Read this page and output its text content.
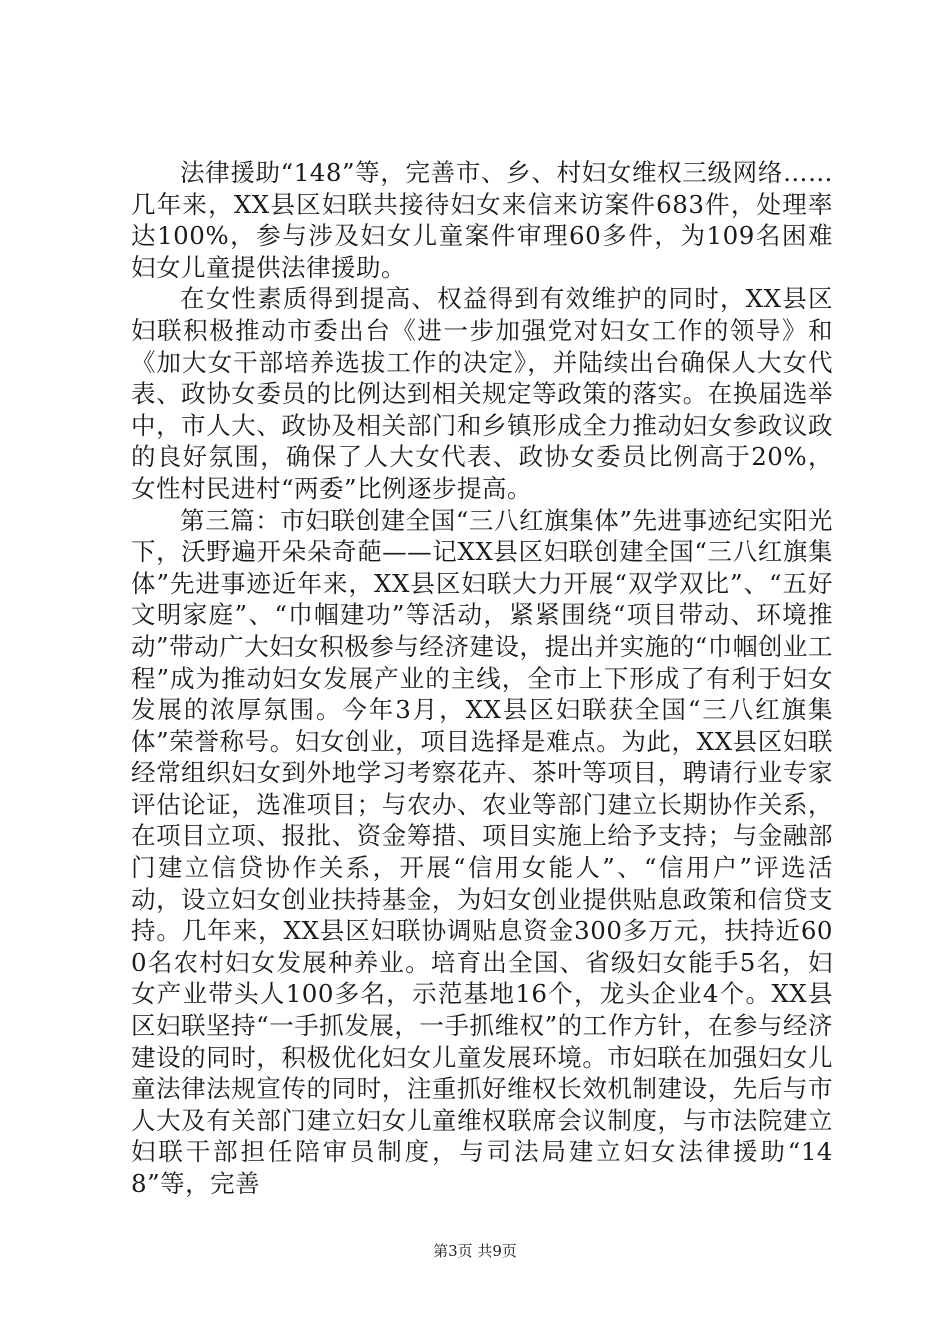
法律援助“148”等，完善市、乡、村妇女维权三级网络……几年来，XX县区妇联共接待妇女来信来访案件683件，处理率达100%，参与涉及妇女儿童案件审理60多件，为109名困难妇女儿童提供法律援助。

在女性素质得到提高、权益得到有效维护的同时，XX县区妇联积极推动市委出台《进一步加强党对妇女工作的领导》和《加大女干部培养选拔工作的决定》，并陆续出台确保人大女代表、政协女委员的比例达到相关规定等政策的落实。在换届选举中，市人大、政协及相关部门和乡镇形成全力推动妇女参政议政的良好氛围，确保了人大女代表、政协女委员比例高于20%，女性村民进村“两委”比例逐步提高。

第三篇：市妇联创建全国“三八红旗集体”先进事迹纪实阳光下，沃野遍开朵朵奇葩——记XX县区妇联创建全国“三八红旗集体”先进事迹近年来，XX县区妇联大力开展“双学双比”、“五好文明家庭”、“巾帼建功”等活动，紧紧围绕“项目带动、环境推动”带动广大妇女积极参与经济建设，提出并实施的“巾帼创业工程”成为推动妇女发展产业的主线，全市上下形成了有利于妇女发展的浓厚氛围。今年3月，XX县区妇联获全国“三八红旗集体”荣誉称号。妇女创业，项目选择是难点。为此，XX县区妇联经常组织妇女到外地学习考察花卉、茶叶等项目，聘请行业专家评估论证，选准项目；与农办、农业等部门建立长期协作关系，在项目立项、报批、资金筹措、项目实施上给予支持；与金融部门建立信贷协作关系，开展“信用女能人”、“信用户”评选活动，设立妇女创业扶持基金，为妇女创业提供贴息政策和信贷支持。几年来，XX县区妇联协调贴息资金300多万元，扶持近600名农村妇女发展种养业。培育出全国、省级妇女能手5名，妇女产业带头人100多名，示范基地16个，龙头企业4个。XX县区妇联坚持“一手抓发展，一手抓维权”的工作方针，在参与经济建设的同时，积极优化妇女儿童发展环境。市妇联在加强妇女儿童法律法规宣传的同时，注重抓好维权长效机制建设，先后与市人大及有关部门建立妇女儿童维权联席会议制度，与市法院建立妇联干部担任陪审员制度，与司法局建立妇女法律援助“148”等，完善

第3页 共9页
